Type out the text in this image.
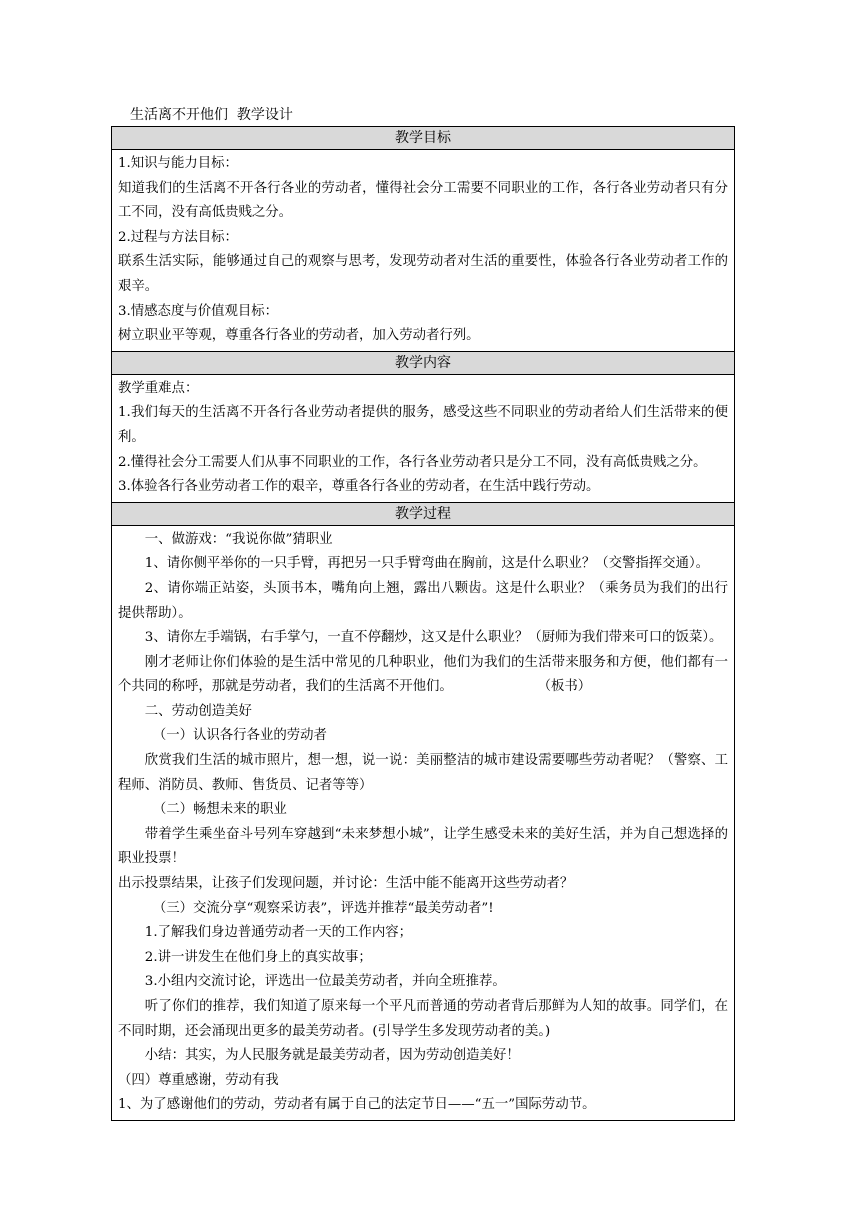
生活离不开他们  教学设计
教学目标

1.知识与能力目标：

知道我们的生活离不开各行各业的劳动者，懂得社会分工需要不同职业的工作，各行各业劳动者只有分工不同，没有高低贵贱之分。

2.过程与方法目标：

联系生活实际，能够通过自己的观察与思考，发现劳动者对生活的重要性，体验各行各业劳动者工作的艰辛。

3.情感态度与价值观目标：

树立职业平等观，尊重各行各业的劳动者，加入劳动者行列。

教学内容

教学重难点：

1.我们每天的生活离不开各行各业劳动者提供的服务，感受这些不同职业的劳动者给人们生活带来的便利。

2.懂得社会分工需要人们从事不同职业的工作，各行各业劳动者只是分工不同，没有高低贵贱之分。

3.体验各行各业劳动者工作的艰辛，尊重各行各业的劳动者，在生活中践行劳动。

教学过程

一、做游戏：“我说你做”猜职业

1、请你侧平举你的一只手臂，再把另一只手臂弯曲在胸前，这是什么职业？（交警指挥交通）。

2、请你端正站姿，头顶书本，嘴角向上翘，露出八颗齿。这是什么职业？（乘务员为我们的出行提供帮助）。

3、请你左手端锅，右手掌勺，一直不停翻炒，这又是什么职业？（厨师为我们带来可口的饭菜）。

刚才老师让你们体验的是生活中常见的几种职业，他们为我们的生活带来服务和方便，他们都有一个共同的称呼，那就是劳动者，我们的生活离不开他们。	（板书）

二、劳动创造美好

（一）认识各行各业的劳动者

欣赏我们生活的城市照片，想一想，说一说：美丽整洁的城市建设需要哪些劳动者呢？（警察、工程师、消防员、教师、售货员、记者等等）

（二）畅想未来的职业

带着学生乘坐奋斗号列车穿越到“未来梦想小城”，让学生感受未来的美好生活，并为自己想选择的职业投票！

出示投票结果，让孩子们发现问题，并讨论：生活中能不能离开这些劳动者？

（三）交流分享“观察采访表”，评选并推荐“最美劳动者”!

1.了解我们身边普通劳动者一天的工作内容；

2.讲一讲发生在他们身上的真实故事；

3.小组内交流讨论，评选出一位最美劳动者，并向全班推荐。

听了你们的推荐，我们知道了原来每一个平凡而普通的劳动者背后那鲜为人知的故事。同学们，在不同时期，还会涌现出更多的最美劳动者。(引导学生多发现劳动者的美。)

小结：其实，为人民服务就是最美劳动者，因为劳动创造美好！

（四）尊重感谢，劳动有我

1、为了感谢他们的劳动，劳动者有属于自己的法定节日——“五一”国际劳动节。
